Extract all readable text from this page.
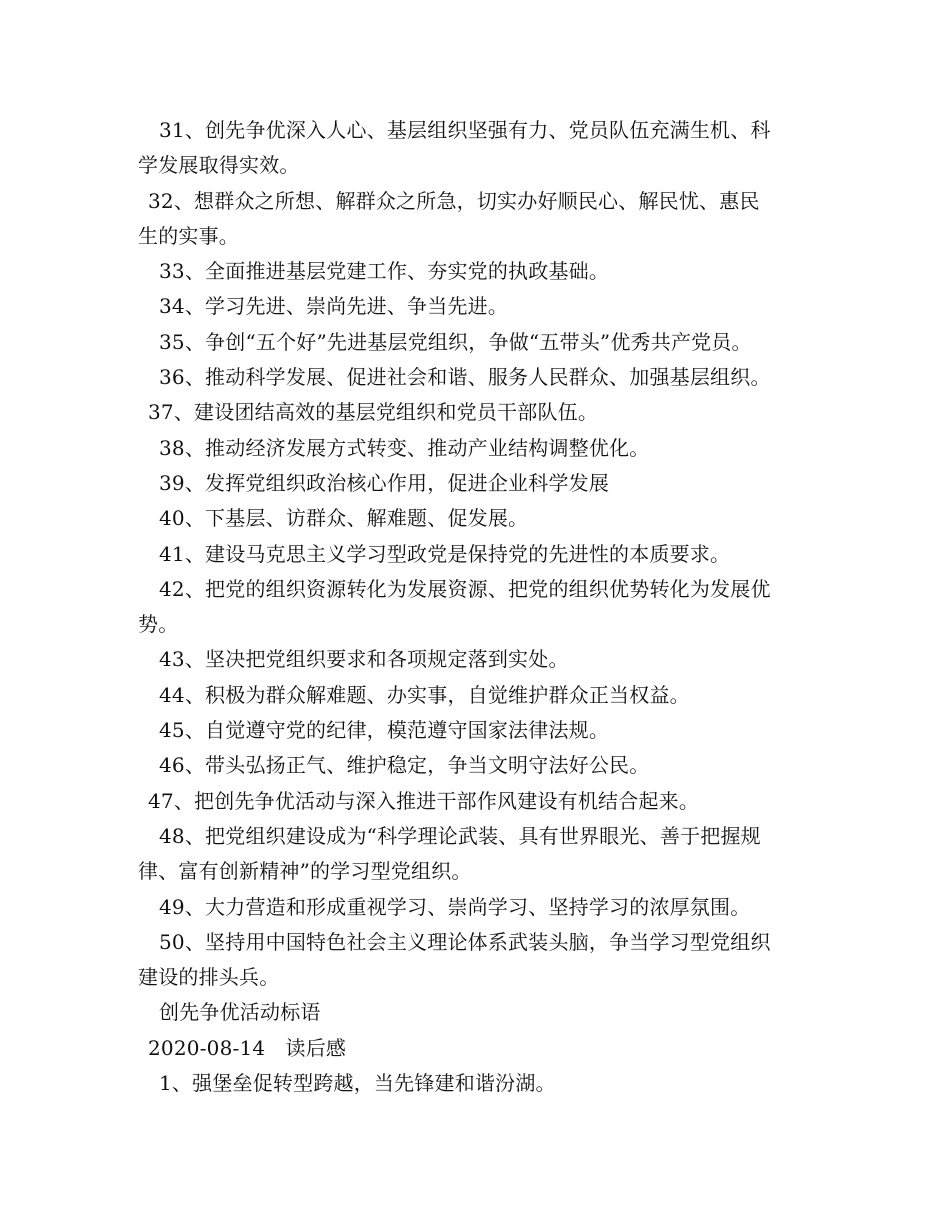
31、创先争优深入人心、基层组织坚强有力、党员队伍充满生机、科
学发展取得实效。
32、想群众之所想、解群众之所急，切实办好顺民心、解民忧、惠民
生的实事。
33、全面推进基层党建工作、夯实党的执政基础。
34、学习先进、崇尚先进、争当先进。
35、争创“五个好”先进基层党组织，争做“五带头”优秀共产党员。
36、推动科学发展、促进社会和谐、服务人民群众、加强基层组织。
37、建设团结高效的基层党组织和党员干部队伍。
38、推动经济发展方式转变、推动产业结构调整优化。
39、发挥党组织政治核心作用，促进企业科学发展
40、下基层、访群众、解难题、促发展。
41、建设马克思主义学习型政党是保持党的先进性的本质要求。
42、把党的组织资源转化为发展资源、把党的组织优势转化为发展优
势。
43、坚决把党组织要求和各项规定落到实处。
44、积极为群众解难题、办实事，自觉维护群众正当权益。
45、自觉遵守党的纪律，模范遵守国家法律法规。
46、带头弘扬正气、维护稳定，争当文明守法好公民。
47、把创先争优活动与深入推进干部作风建设有机结合起来。
48、把党组织建设成为“科学理论武装、具有世界眼光、善于把握规
律、富有创新精神”的学习型党组织。
49、大力营造和形成重视学习、崇尚学习、坚持学习的浓厚氛围。
50、坚持用中国特色社会主义理论体系武装头脑，争当学习型党组织
建设的排头兵。
创先争优活动标语
2020-08-14　读后感
1、强堡垒促转型跨越，当先锋建和谐汾湖。
